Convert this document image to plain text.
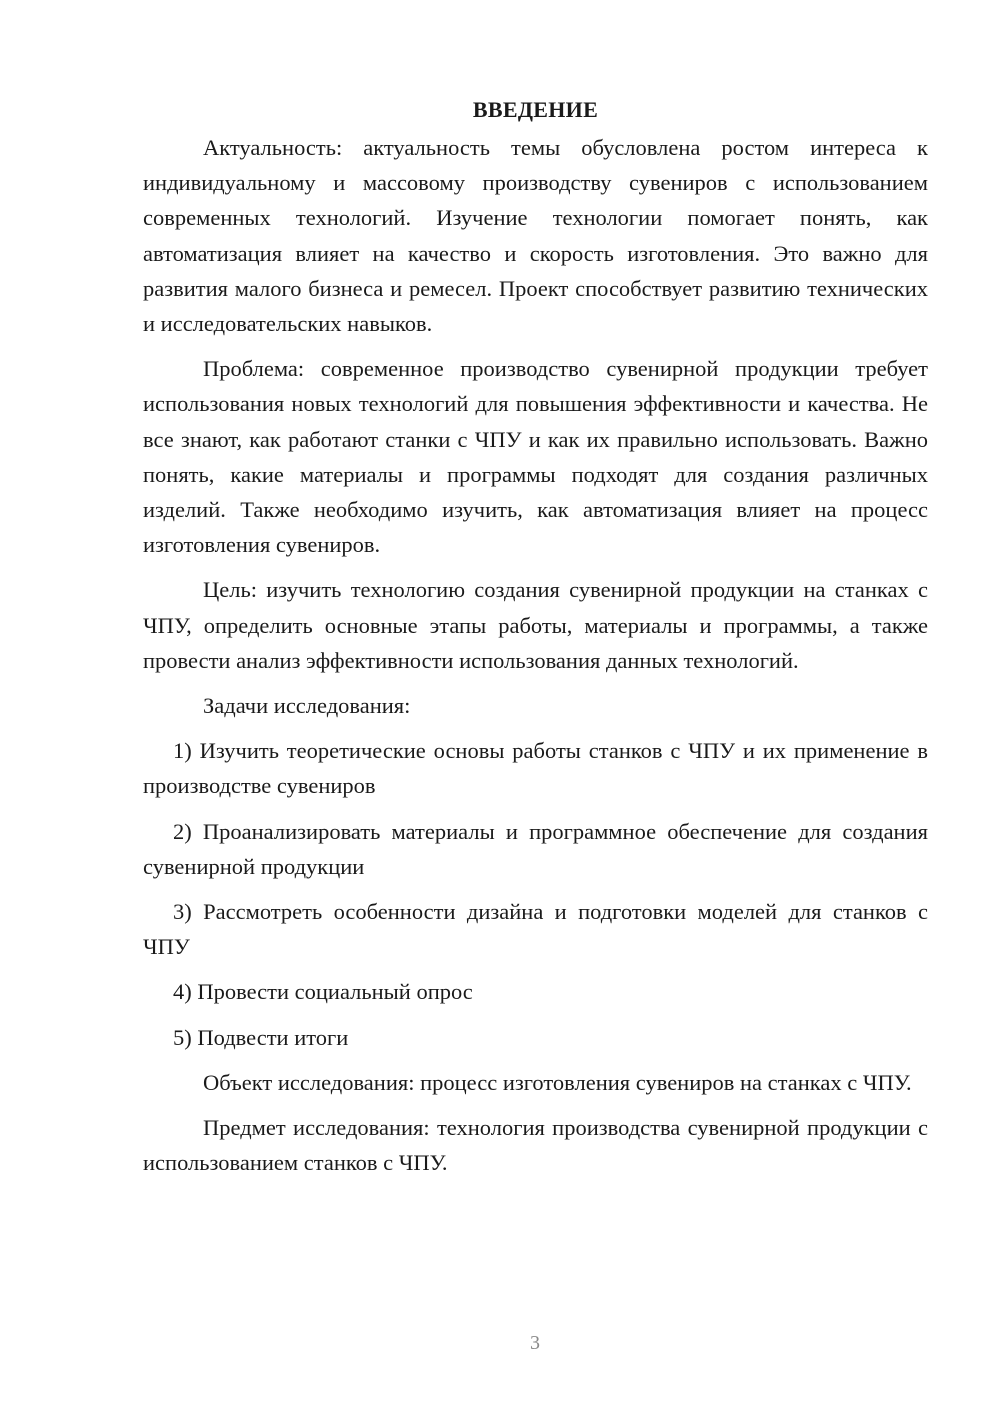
ВВЕДЕНИЕ

Актуальность: актуальность темы обусловлена ростом интереса к индивидуальному и массовому производству сувениров с использованием современных технологий. Изучение технологии помогает понять, как автоматизация влияет на качество и скорость изготовления. Это важно для развития малого бизнеса и ремесел. Проект способствует развитию технических и исследовательских навыков.

Проблема: современное производство сувенирной продукции требует использования новых технологий для повышения эффективности и качества. Не все знают, как работают станки с ЧПУ и как их правильно использовать. Важно понять, какие материалы и программы подходят для создания различных изделий. Также необходимо изучить, как автоматизация влияет на процесс изготовления сувениров.

Цель: изучить технологию создания сувенирной продукции на станках с ЧПУ, определить основные этапы работы, материалы и программы, а также провести анализ эффективности использования данных технологий.

Задачи исследования:

1) Изучить теоретические основы работы станков с ЧПУ и их применение в производстве сувениров

2) Проанализировать материалы и программное обеспечение для создания сувенирной продукции

3) Рассмотреть особенности дизайна и подготовки моделей для станков с ЧПУ

4) Провести социальный опрос

5) Подвести итоги

Объект исследования: процесс изготовления сувениров на станках с ЧПУ.

Предмет исследования: технология производства сувенирной продукции с использованием станков с ЧПУ.

3
